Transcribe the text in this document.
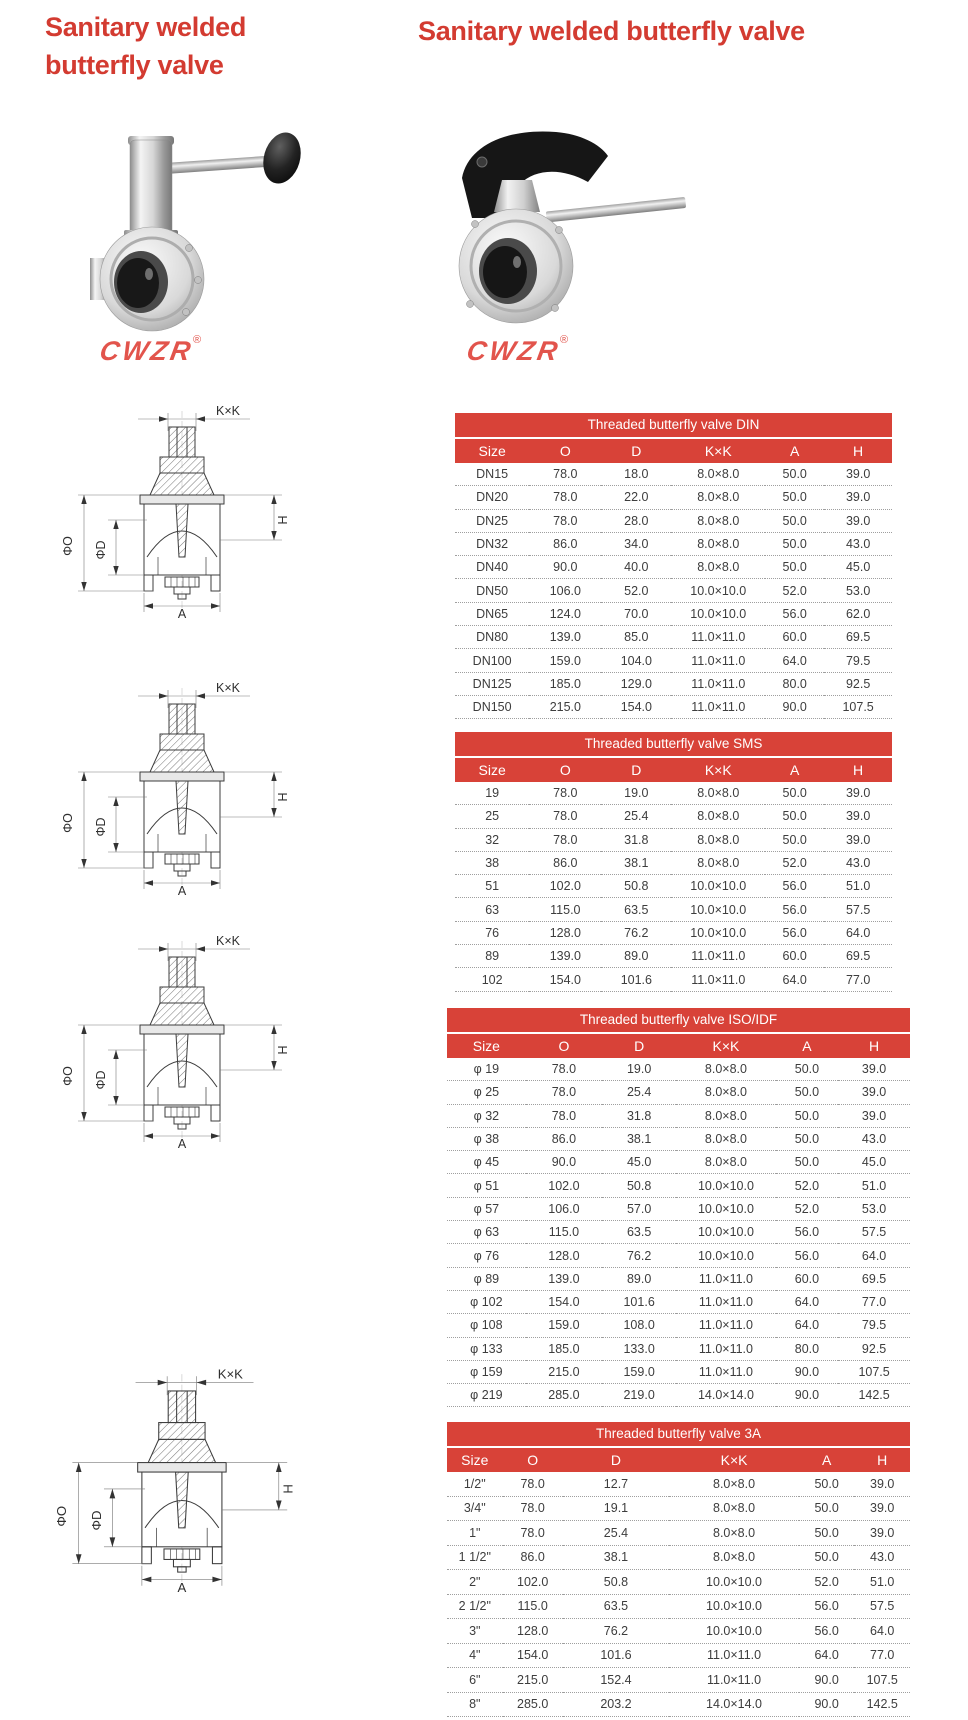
Sanitary welded butterfly valve
Sanitary welded butterfly valve
CWZR®	CWZR®
K×K
ΦO ΦD
H
A
K×K
ΦO ΦD
H
A
K×K
ΦO ΦD
H
A
K×K
ΦO ΦD
H
A
Threaded butterfly valve DIN
Size	O	D	K×K	A	H
DN15	78.0	18.0	8.0×8.0	50.0	39.0
DN20	78.0	22.0	8.0×8.0	50.0	39.0
DN25	78.0	28.0	8.0×8.0	50.0	39.0
DN32	86.0	34.0	8.0×8.0	50.0	43.0
DN40	90.0	40.0	8.0×8.0	50.0	45.0
DN50	106.0	52.0	10.0×10.0	52.0	53.0
DN65	124.0	70.0	10.0×10.0	56.0	62.0
DN80	139.0	85.0	11.0×11.0	60.0	69.5
DN100	159.0	104.0	11.0×11.0	64.0	79.5
DN125	185.0	129.0	11.0×11.0	80.0	92.5
DN150	215.0	154.0	11.0×11.0	90.0	107.5
Threaded butterfly valve SMS
Size	O	D	K×K	A	H
19	78.0	19.0	8.0×8.0	50.0	39.0
25	78.0	25.4	8.0×8.0	50.0	39.0
32	78.0	31.8	8.0×8.0	50.0	39.0
38	86.0	38.1	8.0×8.0	52.0	43.0
51	102.0	50.8	10.0×10.0	56.0	51.0
63	115.0	63.5	10.0×10.0	56.0	57.5
76	128.0	76.2	10.0×10.0	56.0	64.0
89	139.0	89.0	11.0×11.0	60.0	69.5
102	154.0	101.6	11.0×11.0	64.0	77.0
Threaded butterfly valve ISO/IDF
Size	O	D	K×K	A	H
φ 19	78.0	19.0	8.0×8.0	50.0	39.0
φ 25	78.0	25.4	8.0×8.0	50.0	39.0
φ 32	78.0	31.8	8.0×8.0	50.0	39.0
φ 38	86.0	38.1	8.0×8.0	50.0	43.0
φ 45	90.0	45.0	8.0×8.0	50.0	45.0
φ 51	102.0	50.8	10.0×10.0	52.0	51.0
φ 57	106.0	57.0	10.0×10.0	52.0	53.0
φ 63	115.0	63.5	10.0×10.0	56.0	57.5
φ 76	128.0	76.2	10.0×10.0	56.0	64.0
φ 89	139.0	89.0	11.0×11.0	60.0	69.5
φ 102	154.0	101.6	11.0×11.0	64.0	77.0
φ 108	159.0	108.0	11.0×11.0	64.0	79.5
φ 133	185.0	133.0	11.0×11.0	80.0	92.5
φ 159	215.0	159.0	11.0×11.0	90.0	107.5
φ 219	285.0	219.0	14.0×14.0	90.0	142.5
Threaded butterfly valve 3A
Size	O	D	K×K	A	H
1/2"	78.0	12.7	8.0×8.0	50.0	39.0
3/4"	78.0	19.1	8.0×8.0	50.0	39.0
1"	78.0	25.4	8.0×8.0	50.0	39.0
1 1/2"	86.0	38.1	8.0×8.0	50.0	43.0
2"	102.0	50.8	10.0×10.0	52.0	51.0
2 1/2"	115.0	63.5	10.0×10.0	56.0	57.5
3"	128.0	76.2	10.0×10.0	56.0	64.0
4"	154.0	101.6	11.0×11.0	64.0	77.0
6"	215.0	152.4	11.0×11.0	90.0	107.5
8"	285.0	203.2	14.0×14.0	90.0	142.5
